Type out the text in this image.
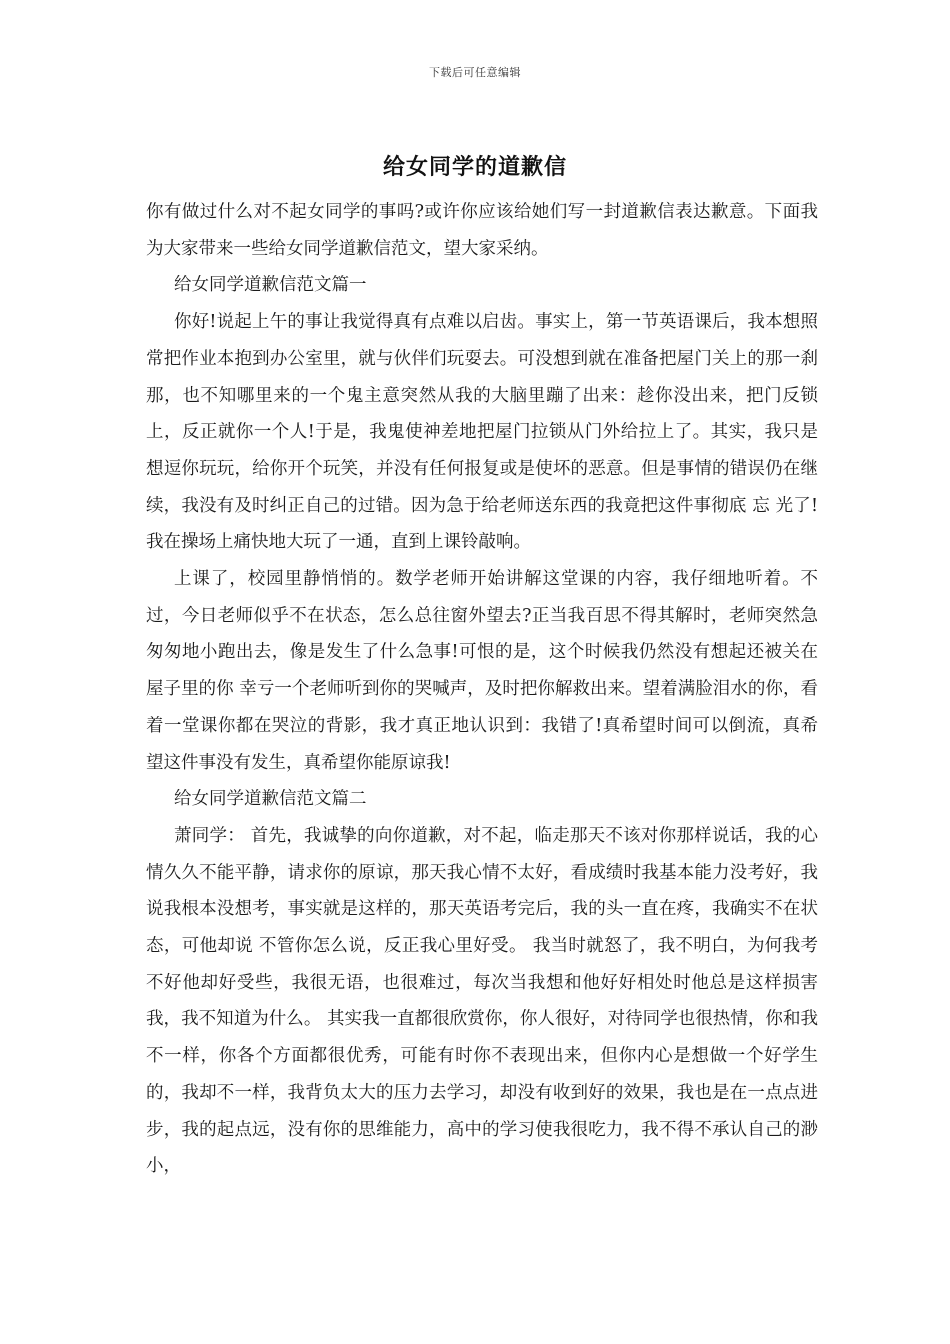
下载后可任意编辑
给女同学的道歉信

你有做过什么对不起女同学的事吗?或许你应该给她们写一封道歉信表达歉意。下面我为大家带来一些给女同学道歉信范文，望大家采纳。

给女同学道歉信范文篇一

你好!说起上午的事让我觉得真有点难以启齿。事实上，第一节英语课后，我本想照常把作业本抱到办公室里，就与伙伴们玩耍去。可没想到就在准备把屋门关上的那一刹那，也不知哪里来的一个鬼主意突然从我的大脑里蹦了出来：趁你没出来，把门反锁上，反正就你一个人!于是，我鬼使神差地把屋门拉锁从门外给拉上了。其实，我只是想逗你玩玩，给你开个玩笑，并没有任何报复或是使坏的恶意。但是事情的错误仍在继续，我没有及时纠正自己的过错。因为急于给老师送东西的我竟把这件事彻底 忘 光了!我在操场上痛快地大玩了一通，直到上课铃敲响。

上课了，校园里静悄悄的。数学老师开始讲解这堂课的内容，我仔细地听着。不过，今日老师似乎不在状态，怎么总往窗外望去?正当我百思不得其解时，老师突然急匆匆地小跑出去，像是发生了什么急事!可恨的是，这个时候我仍然没有想起还被关在屋子里的你 幸亏一个老师听到你的哭喊声，及时把你解救出来。望着满脸泪水的你，看着一堂课你都在哭泣的背影，我才真正地认识到：我错了!真希望时间可以倒流，真希望这件事没有发生，真希望你能原谅我!

给女同学道歉信范文篇二

萧同学： 首先，我诚挚的向你道歉，对不起，临走那天不该对你那样说话，我的心情久久不能平静，请求你的原谅，那天我心情不太好，看成绩时我基本能力没考好，我说我根本没想考，事实就是这样的，那天英语考完后，我的头一直在疼，我确实不在状态，可他却说 不管你怎么说，反正我心里好受。 我当时就怒了，我不明白，为何我考不好他却好受些，我很无语，也很难过，每次当我想和他好好相处时他总是这样损害我，我不知道为什么。 其实我一直都很欣赏你，你人很好，对待同学也很热情，你和我不一样，你各个方面都很优秀，可能有时你不表现出来，但你内心是想做一个好学生的，我却不一样，我背负太大的压力去学习，却没有收到好的效果，我也是在一点点进步，我的起点远，没有你的思维能力，高中的学习使我很吃力，我不得不承认自己的渺小，
